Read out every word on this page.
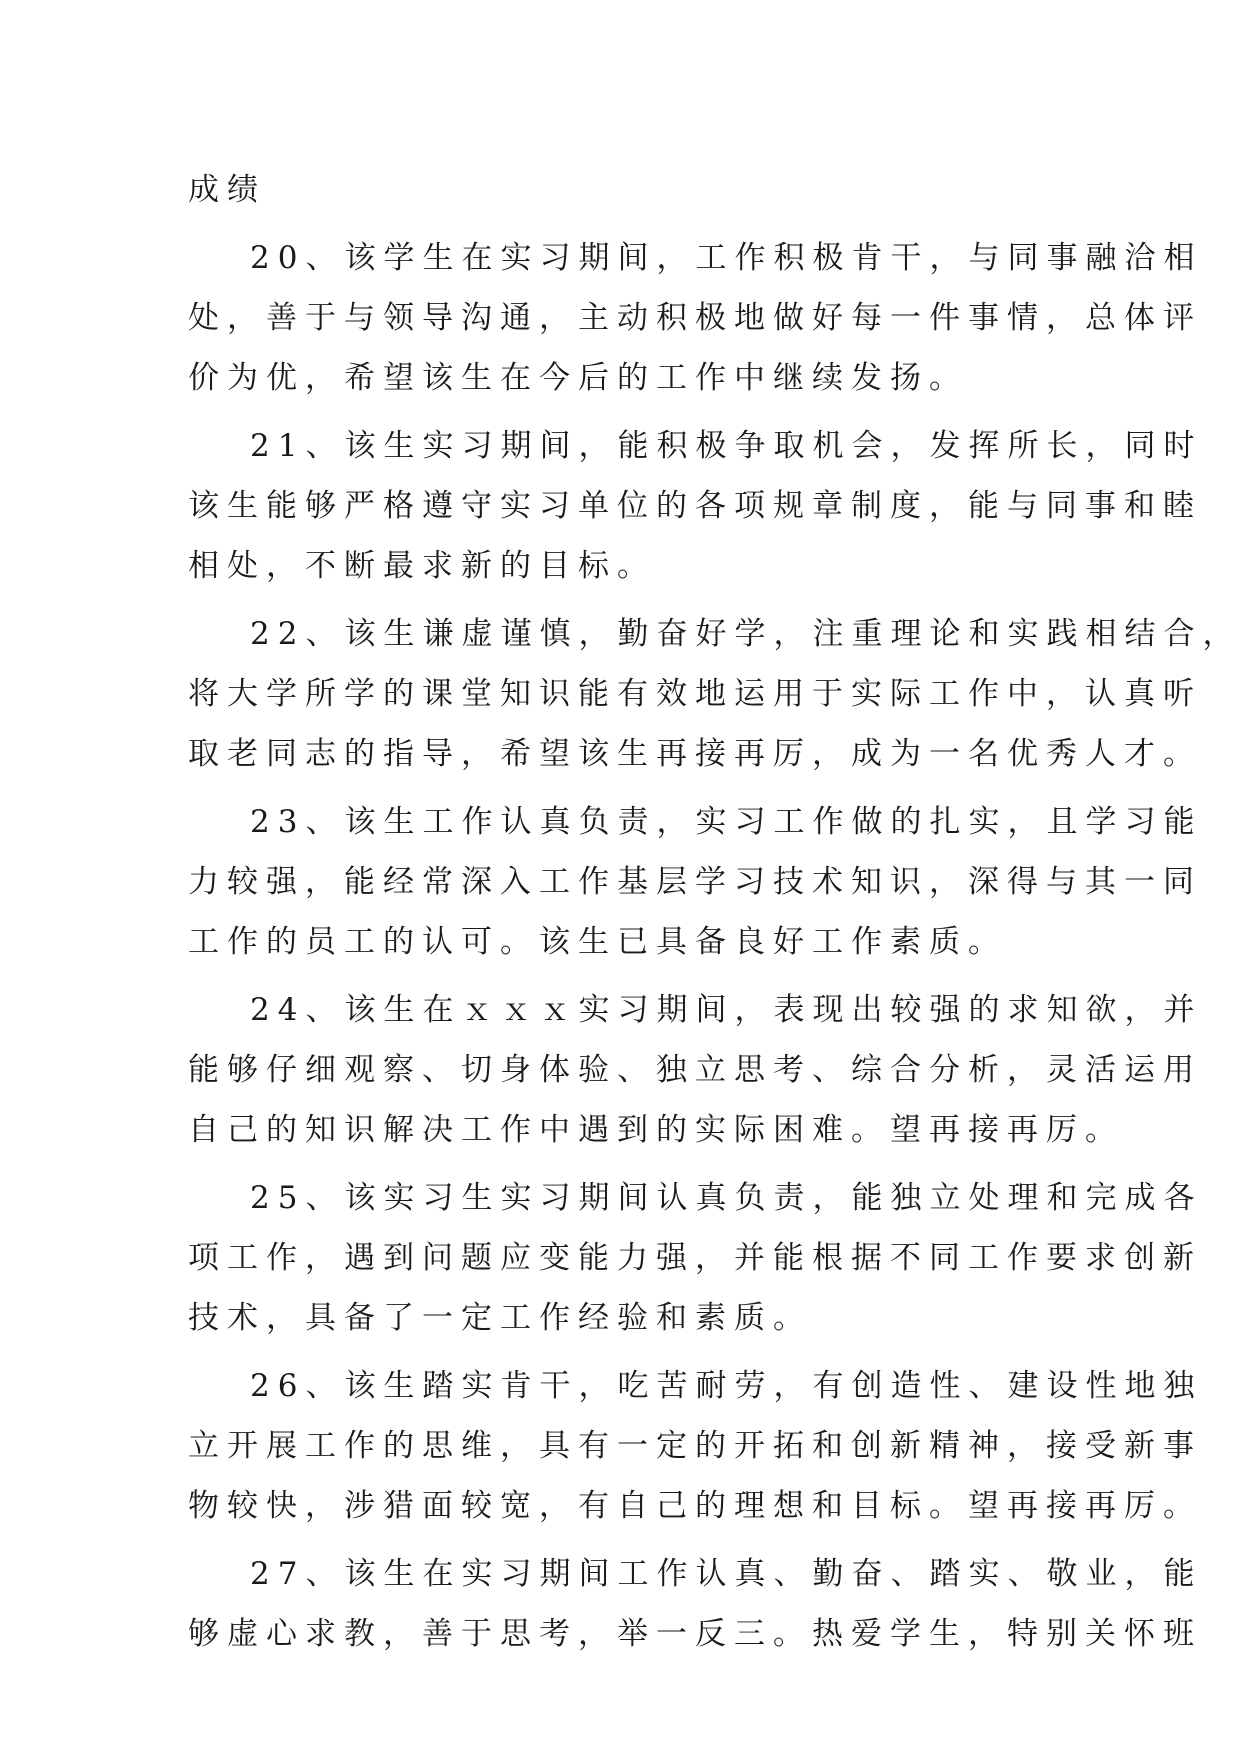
成绩
20、该学生在实习期间，工作积极肯干，与同事融洽相
处，善于与领导沟通，主动积极地做好每一件事情，总体评
价为优，希望该生在今后的工作中继续发扬。
21、该生实习期间，能积极争取机会，发挥所长，同时
该生能够严格遵守实习单位的各项规章制度，能与同事和睦
相处，不断最求新的目标。
22、该生谦虚谨慎，勤奋好学，注重理论和实践相结合，
将大学所学的课堂知识能有效地运用于实际工作中，认真听
取老同志的指导，希望该生再接再厉，成为一名优秀人才。
23、该生工作认真负责，实习工作做的扎实，且学习能
力较强，能经常深入工作基层学习技术知识，深得与其一同
工作的员工的认可。该生已具备良好工作素质。
24、该生在ｘｘｘ实习期间，表现出较强的求知欲，并
能够仔细观察、切身体验、独立思考、综合分析，灵活运用
自己的知识解决工作中遇到的实际困难。望再接再厉。
25、该实习生实习期间认真负责，能独立处理和完成各
项工作，遇到问题应变能力强，并能根据不同工作要求创新
技术，具备了一定工作经验和素质。
26、该生踏实肯干，吃苦耐劳，有创造性、建设性地独
立开展工作的思维，具有一定的开拓和创新精神，接受新事
物较快，涉猎面较宽，有自己的理想和目标。望再接再厉。
27、该生在实习期间工作认真、勤奋、踏实、敬业，能
够虚心求教，善于思考，举一反三。热爱学生，特别关怀班
